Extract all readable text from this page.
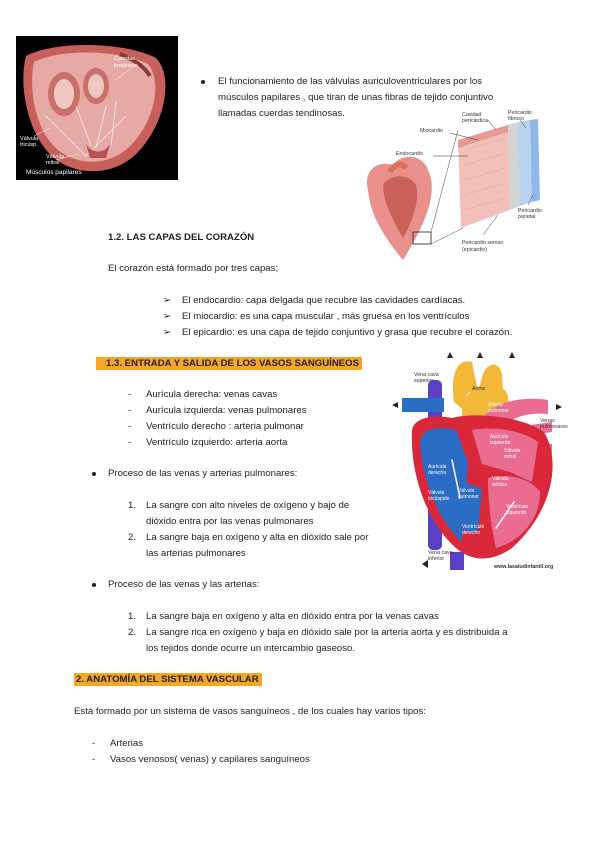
Cuerdas
tendinosa
Válvula
tricúsp.
Válvula
mitral
Músculos papilares
El funcionamiento de las válvulas auriculoventriculares por los
músculos papilares , que tiran de unas fibras de tejido conjuntivo
llamadas cuerdas tendinosas.
Miocardio
Cavidad
pericárdica
Pericardio
fibroso
Endocardio
Pericardio seroso
(epicardio)
Pericardio
parietal
1.2. LAS CAPAS DEL CORAZÓN
El corazón está formado por tres capas;
➢ El endocardio: capa delgada que recubre las cavidades cardíacas.
➢ El miocardio: es una capa muscular , más gruesa en los ventrículos
➢ El epicardio: es una capa de tejido conjuntivo y grasa que recubre el corazón.
1.3. ENTRADA Y SALIDA DE LOS VASOS SANGUÍNEOS
- Aurícula derecha: venas cavas
- Aurícula izquierda: venas pulmonares
- Ventrículo derecho : arteria pulmonar
- Ventrículo izquierdo: arteria aorta
Proceso de las venas y arterias pulmonares:
1. La sangre con alto niveles de oxígeno y bajo de
dióxido entra por las venas pulmonares
2. La sangre baja en oxígeno y alta en dióxido sale por
las arterias pulmonares
Proceso de las venas y las arterias:
1. La sangre baja en oxígeno y alta en dióxido entra por la venas cavas
2. La sangre rica en oxígeno y baja en dióxido sale por la arteria aorta y es distribuida a
los tejidos donde ocurre un intercambio gaseoso.
Vena cava
superior
Aorta
Arteria
pulmonar
Venas
pulmonares
Aurícula
izquierda
Válvula
mitral
Válvula
aórtica
Aurícula
derecha
Válvula
pulmonar
Válvula
tricúspide
Ventrículo
izquierdo
Ventrículo
derecho
Vena cava
inferior
www.lasaludinfantil.org
2. ANATOMÍA DEL SISTEMA VASCULAR
Está formado por un sistema de vasos sanguíneos , de los cuales hay varios tipos:
- Arterias
- Vasos venosos( venas) y capilares sanguíneos
